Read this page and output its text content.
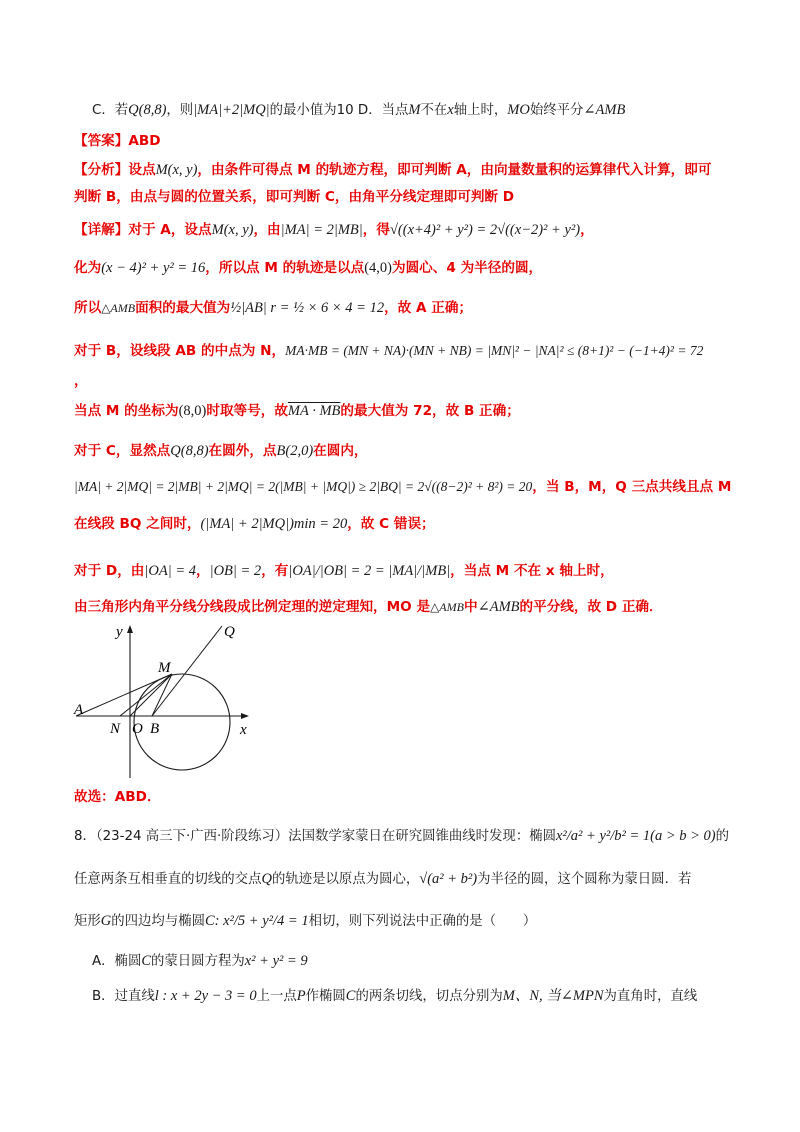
C．若Q(8,8)，则|MA|+2|MQ|的最小值为10 D．当点M不在x轴上时，MO始终平分∠AMB
【答案】ABD
【分析】设点M(x, y)，由条件可得点 M 的轨迹方程，即可判断 A，由向量数量积的运算律代入计算，即可
判断 B，由点与圆的位置关系，即可判断 C，由角平分线定理即可判断 D
【详解】对于 A，设点M(x, y)，由|MA| = 2|MB|，得√((x+4)² + y²) = 2√((x−2)² + y²)，
化为(x − 4)² + y² = 16，所以点 M 的轨迹是以点(4,0)为圆心、4 为半径的圆，
所以△AMB面积的最大值为½|AB| r = ½ × 6 × 4 = 12，故 A 正确；
对于 B，设线段 AB 的中点为 N，MA·MB = (MN + NA)·(MN + NB) = |MN|² − |NA|² ≤ (8+1)² − (−1+4)² = 72
，
当点 M 的坐标为(8,0)时取等号，故MA · MB的最大值为 72，故 B 正确；
对于 C，显然点Q(8,8)在圆外，点B(2,0)在圆内，
|MA| + 2|MQ| = 2|MB| + 2|MQ| = 2(|MB| + |MQ|) ≥ 2|BQ| = 2√((8−2)² + 8²) = 20，当 B，M，Q 三点共线且点 M
在线段 BQ 之间时，(|MA| + 2|MQ|)min = 20，故 C 错误；
对于 D，由|OA| = 4，|OB| = 2，有|OA|/|OB| = 2 = |MA|/|MB|，当点 M 不在 x 轴上时，
由三角形内角平分线分线段成比例定理的逆定理知，MO 是△AMB中∠AMB的平分线，故 D 正确．
y
x
Q
M
A
N O B
故选：ABD．
8．（23-24 高三下·广西·阶段练习）法国数学家蒙日在研究圆锥曲线时发现：椭圆x²/a² + y²/b² = 1(a > b > 0)的
任意两条互相垂直的切线的交点Q的轨迹是以原点为圆心，√(a² + b²)为半径的圆，这个圆称为蒙日圆．若
矩形G的四边均与椭圆C: x²/5 + y²/4 = 1相切，则下列说法中正确的是（　　）
A．椭圆C的蒙日圆方程为x² + y² = 9
B．过直线l : x + 2y − 3 = 0上一点P作椭圆C的两条切线，切点分别为M、N, 当∠MPN为直角时，直线
